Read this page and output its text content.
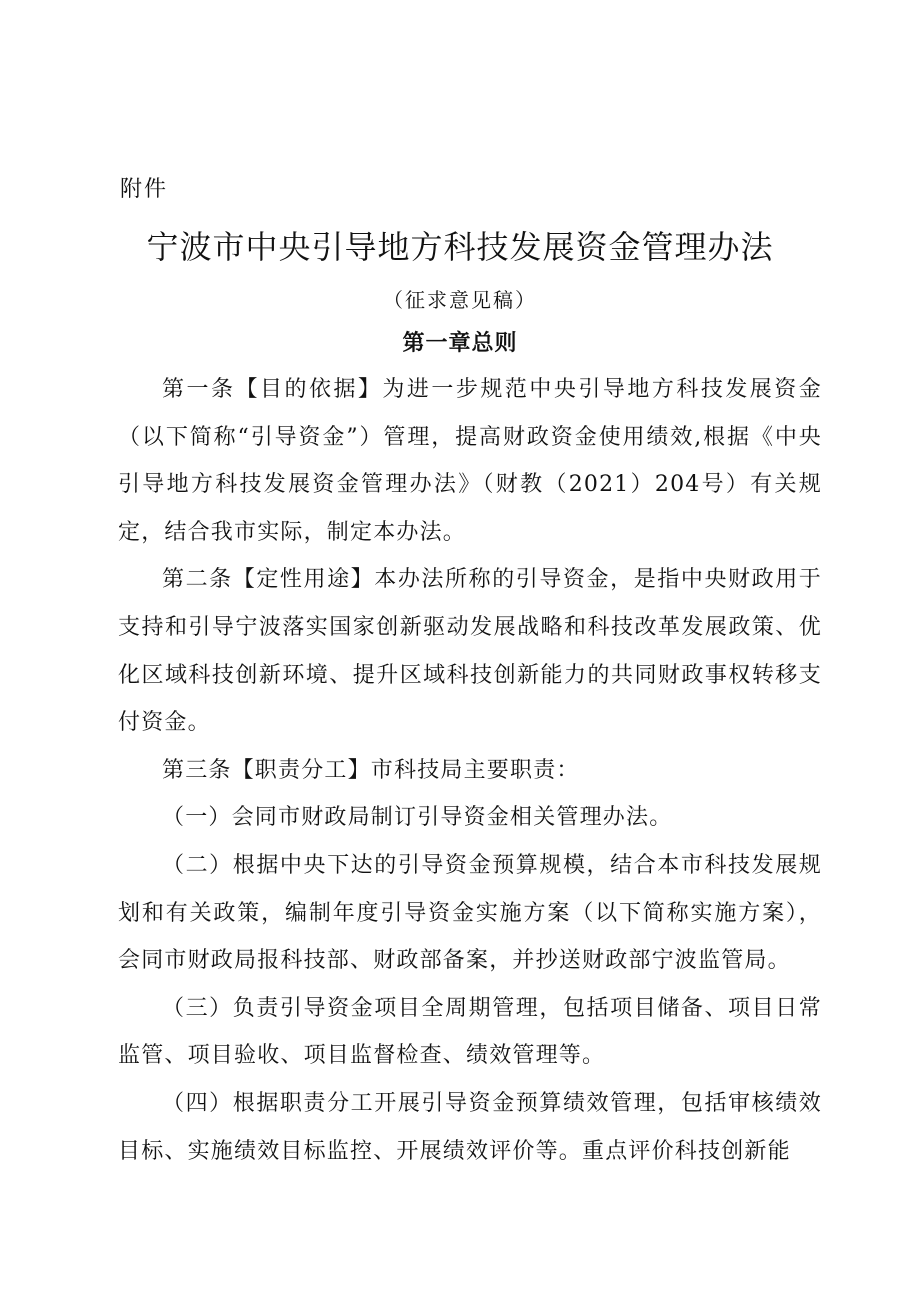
附件
宁波市中央引导地方科技发展资金管理办法
（征求意见稿）
第一章总则

第一条【目的依据】为进一步规范中央引导地方科技发展资金（以下简称“引导资金”）管理，提高财政资金使用绩效,根据《中央引导地方科技发展资金管理办法》（财教（2021）204号）有关规定，结合我市实际，制定本办法。

第二条【定性用途】本办法所称的引导资金，是指中央财政用于支持和引导宁波落实国家创新驱动发展战略和科技改革发展政策、优化区域科技创新环境、提升区域科技创新能力的共同财政事权转移支付资金。

第三条【职责分工】市科技局主要职责：

（一）会同市财政局制订引导资金相关管理办法。

（二）根据中央下达的引导资金预算规模，结合本市科技发展规划和有关政策，编制年度引导资金实施方案（以下简称实施方案），会同市财政局报科技部、财政部备案，并抄送财政部宁波监管局。

（三）负责引导资金项目全周期管理，包括项目储备、项目日常监管、项目验收、项目监督检查、绩效管理等。

（四）根据职责分工开展引导资金预算绩效管理，包括审核绩效目标、实施绩效目标监控、开展绩效评价等。重点评价科技创新能
